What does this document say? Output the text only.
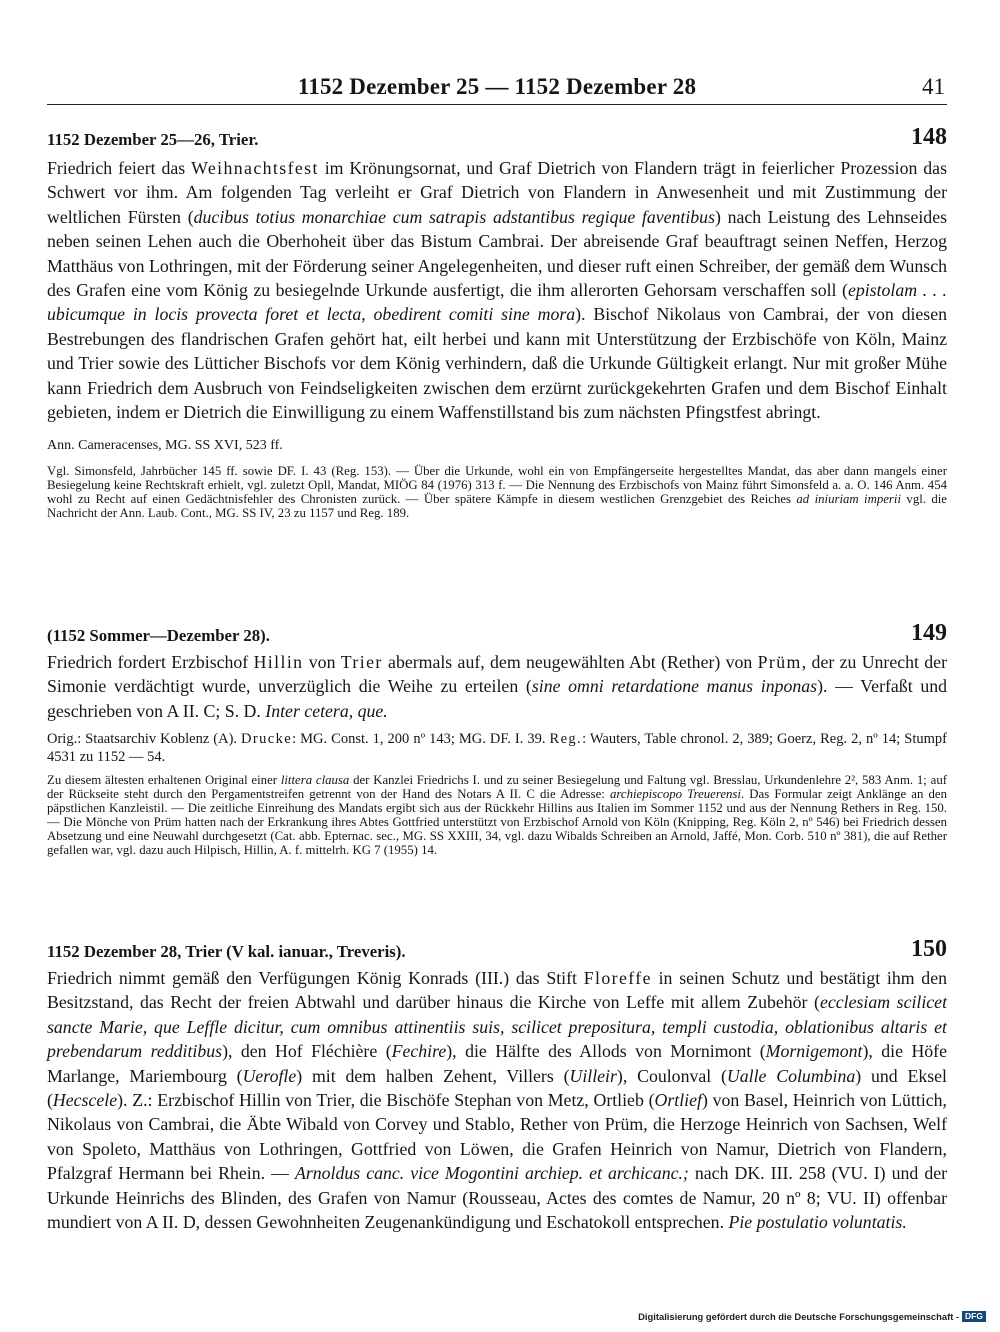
1152 Dezember 25 — 1152 Dezember 28	41
1152 Dezember 25—26, Trier.	148

Friedrich feiert das Weihnachtsfest im Krönungsornat, und Graf Dietrich von Flandern trägt in feierlicher Prozession das Schwert vor ihm. Am folgenden Tag verleiht er Graf Dietrich von Flandern in Anwesenheit und mit Zustimmung der weltlichen Fürsten (ducibus totius monarchiae cum satrapis adstantibus regique faventibus) nach Leistung des Lehnseides neben seinen Lehen auch die Oberhoheit über das Bistum Cambrai. Der abreisende Graf beauftragt seinen Neffen, Herzog Matthäus von Lothringen, mit der Förderung seiner Angelegenheiten, und dieser ruft einen Schreiber, der gemäß dem Wunsch des Grafen eine vom König zu besiegelnde Urkunde ausfertigt, die ihm allerorten Gehorsam verschaffen soll (epistolam . . . ubicumque in locis provecta foret et lecta, obedirent comiti sine mora). Bischof Nikolaus von Cambrai, der von diesen Bestrebungen des flandrischen Grafen gehört hat, eilt herbei und kann mit Unterstützung der Erzbischöfe von Köln, Mainz und Trier sowie des Lütticher Bischofs vor dem König verhindern, daß die Urkunde Gültigkeit erlangt. Nur mit großer Mühe kann Friedrich dem Ausbruch von Feindseligkeiten zwischen dem erzürnt zurückgekehrten Grafen und dem Bischof Einhalt gebieten, indem er Dietrich die Einwilligung zu einem Waffenstillstand bis zum nächsten Pfingstfest abringt.

Ann. Cameracenses, MG. SS XVI, 523 ff.

Vgl. Simonsfeld, Jahrbücher 145 ff. sowie DF. I. 43 (Reg. 153). — Über die Urkunde, wohl ein von Empfängerseite hergestelltes Mandat, das aber dann mangels einer Besiegelung keine Rechtskraft erhielt, vgl. zuletzt Opll, Mandat, MIÖG 84 (1976) 313 f. — Die Nennung des Erzbischofs von Mainz führt Simonsfeld a. a. O. 146 Anm. 454 wohl zu Recht auf einen Gedächtnisfehler des Chronisten zurück. — Über spätere Kämpfe in diesem westlichen Grenzgebiet des Reiches ad iniuriam imperii vgl. die Nachricht der Ann. Laub. Cont., MG. SS IV, 23 zu 1157 und Reg. 189.

(1152 Sommer—Dezember 28).	149

Friedrich fordert Erzbischof Hillin von Trier abermals auf, dem neugewählten Abt (Rether) von Prüm, der zu Unrecht der Simonie verdächtigt wurde, unverzüglich die Weihe zu erteilen (sine omni retardatione manus inponas). — Verfaßt und geschrieben von A II. C; S. D. Inter cetera, que.

Orig.: Staatsarchiv Koblenz (A). Drucke: MG. Const. 1, 200 nº 143; MG. DF. I. 39. Reg.: Wauters, Table chronol. 2, 389; Goerz, Reg. 2, nº 14; Stumpf 4531 zu 1152 — 54.

Zu diesem ältesten erhaltenen Original einer littera clausa der Kanzlei Friedrichs I. und zu seiner Besiegelung und Faltung vgl. Bresslau, Urkundenlehre 2², 583 Anm. 1; auf der Rückseite steht durch den Pergamentstreifen getrennt von der Hand des Notars A II. C die Adresse: archiepiscopo Treuerensi. Das Formular zeigt Anklänge an den päpstlichen Kanzleistil. — Die zeitliche Einreihung des Mandats ergibt sich aus der Rückkehr Hillins aus Italien im Sommer 1152 und aus der Nennung Rethers in Reg. 150. — Die Mönche von Prüm hatten nach der Erkrankung ihres Abtes Gottfried unterstützt von Erzbischof Arnold von Köln (Knipping, Reg. Köln 2, nº 546) bei Friedrich dessen Absetzung und eine Neuwahl durchgesetzt (Cat. abb. Epternac. sec., MG. SS XXIII, 34, vgl. dazu Wibalds Schreiben an Arnold, Jaffé, Mon. Corb. 510 nº 381), die auf Rether gefallen war, vgl. dazu auch Hilpisch, Hillin, A. f. mittelrh. KG 7 (1955) 14.

1152 Dezember 28, Trier (V kal. ianuar., Treveris).	150

Friedrich nimmt gemäß den Verfügungen König Konrads (III.) das Stift Floreffe in seinen Schutz und bestätigt ihm den Besitzstand, das Recht der freien Abtwahl und darüber hinaus die Kirche von Leffe mit allem Zubehör (ecclesiam scilicet sancte Marie, que Leffle dicitur, cum omnibus attinentiis suis, scilicet prepositura, templi custodia, oblationibus altaris et prebendarum redditibus), den Hof Fléchière (Fechire), die Hälfte des Allods von Mornimont (Mornigemont), die Höfe Marlange, Mariembourg (Uerofle) mit dem halben Zehent, Villers (Uilleir), Coulonval (Ualle Columbina) und Eksel (Hecscele). Z.: Erzbischof Hillin von Trier, die Bischöfe Stephan von Metz, Ortlieb (Ortlief) von Basel, Heinrich von Lüttich, Nikolaus von Cambrai, die Äbte Wibald von Corvey und Stablo, Rether von Prüm, die Herzoge Heinrich von Sachsen, Welf von Spoleto, Matthäus von Lothringen, Gottfried von Löwen, die Grafen Heinrich von Namur, Dietrich von Flandern, Pfalzgraf Hermann bei Rhein. — Arnoldus canc. vice Mogontini archiep. et archicanc.; nach DK. III. 258 (VU. I) und der Urkunde Heinrichs des Blinden, des Grafen von Namur (Rousseau, Actes des comtes de Namur, 20 nº 8; VU. II) offenbar mundiert von A II. D, dessen Gewohnheiten Zeugenankündigung und Eschatokoll entsprechen. Pie postulatio voluntatis.

Digitalisierung gefördert durch die Deutsche Forschungsgemeinschaft - DFG
